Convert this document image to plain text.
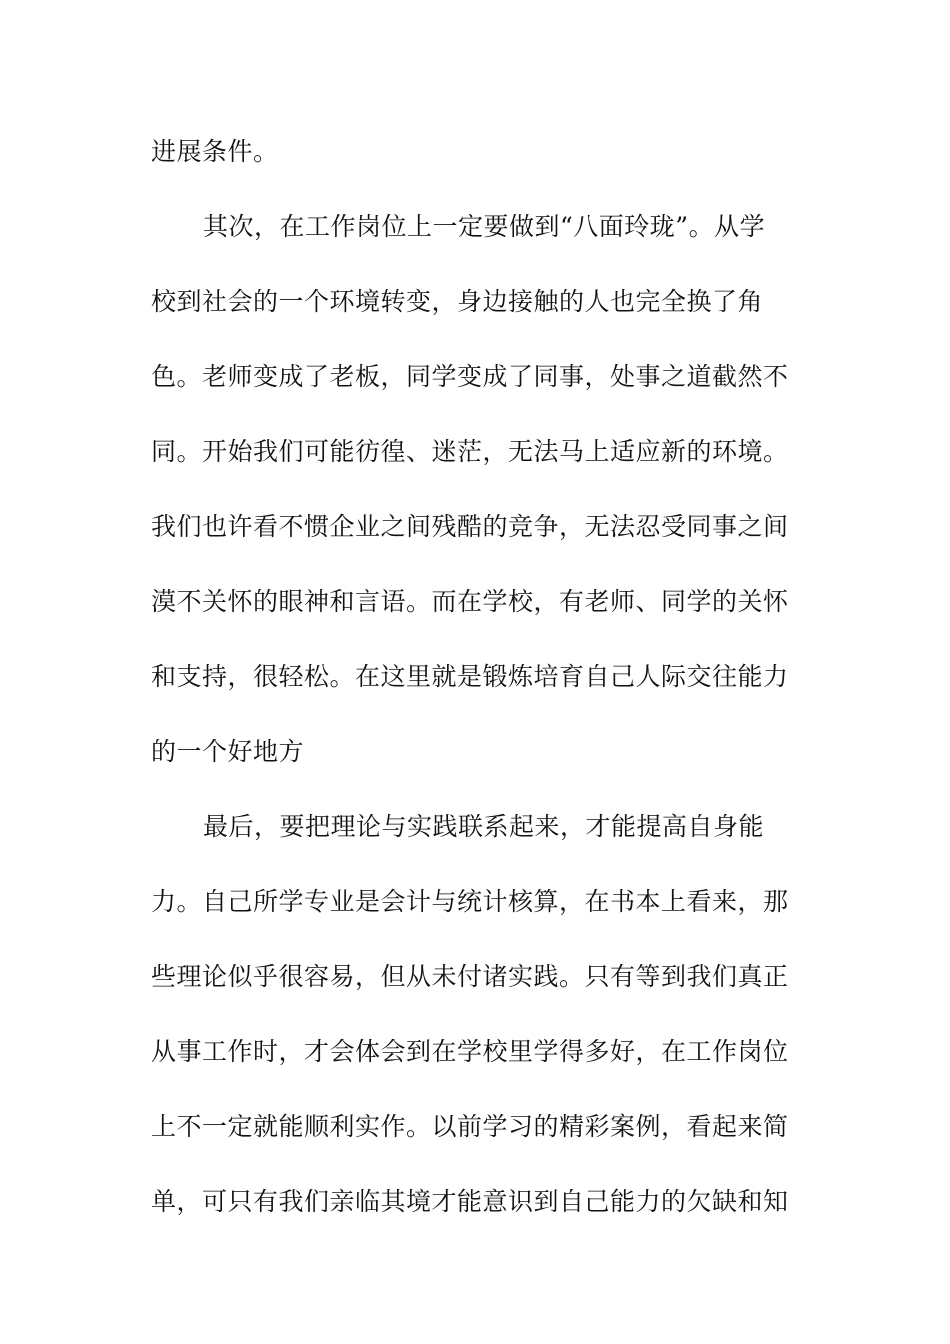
进展条件。
其次，在工作岗位上一定要做到“八面玲珑”。从学
校到社会的一个环境转变，身边接触的人也完全换了角
色。老师变成了老板，同学变成了同事，处事之道截然不
同。开始我们可能彷徨、迷茫，无法马上适应新的环境。
我们也许看不惯企业之间残酷的竞争，无法忍受同事之间
漠不关怀的眼神和言语。而在学校，有老师、同学的关怀
和支持，很轻松。在这里就是锻炼培育自己人际交往能力
的一个好地方
最后，要把理论与实践联系起来，才能提高自身能
力。自己所学专业是会计与统计核算，在书本上看来，那
些理论似乎很容易，但从未付诸实践。只有等到我们真正
从事工作时，才会体会到在学校里学得多好，在工作岗位
上不一定就能顺利实作。以前学习的精彩案例，看起来简
单，可只有我们亲临其境才能意识到自己能力的欠缺和知
